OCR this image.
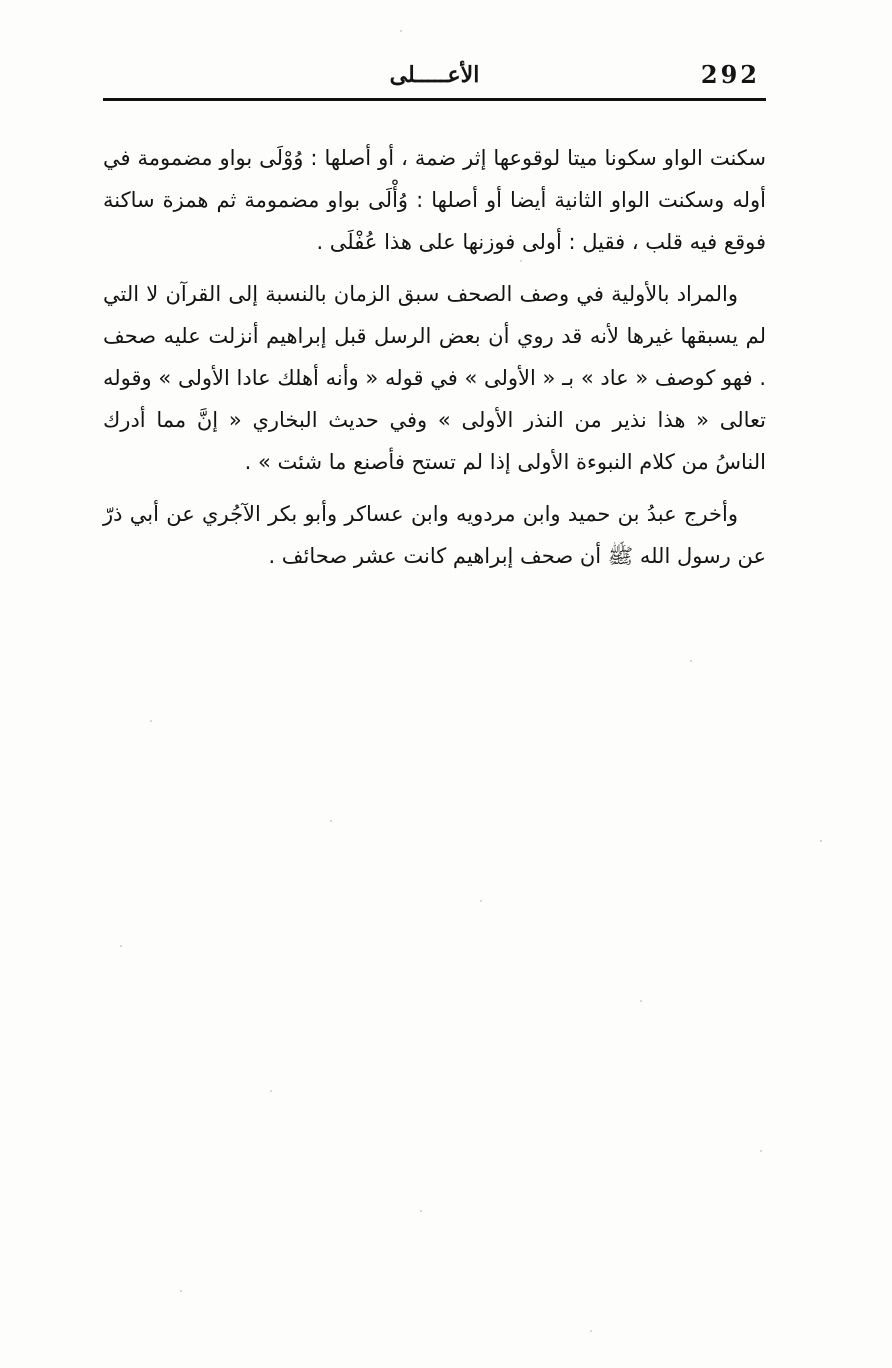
292
الأعـــــلى

سكنت الواو سكونا ميتا لوقوعها إثر ضمة ، أو أصلها : وُوْلَى بواو مضمومة في أوله وسكنت الواو الثانية أيضا أو أصلها : وُأْلَى بواو مضمومة ثم همزة ساكنة فوقع فيه قلب ، فقيل : أولى فوزنها على هذا عُفْلَى .

والمراد بالأولية في وصف الصحف سبق الزمان بالنسبة إلى القرآن لا التي لم يسبقها غيرها لأنه قد روي أن بعض الرسل قبل إبراهيم أنزلت عليه صحف . فهو كوصف « عاد » بـ « الأولى » في قوله « وأنه أهلك عادا الأولى » وقوله تعالى « هذا نذير من النذر الأولى » وفي حديث البخاري « إنَّ مما أدرك الناسُ من كلام النبوءة الأولى إذا لم تستح فأصنع ما شئت » .

وأخرج عبدُ بن حميد وابن مردويه وابن عساكر وأبو بكر الآجُري عن أبي ذرّ عن رسول الله ﷺ أن صحف إبراهيم كانت عشر صحائف .
